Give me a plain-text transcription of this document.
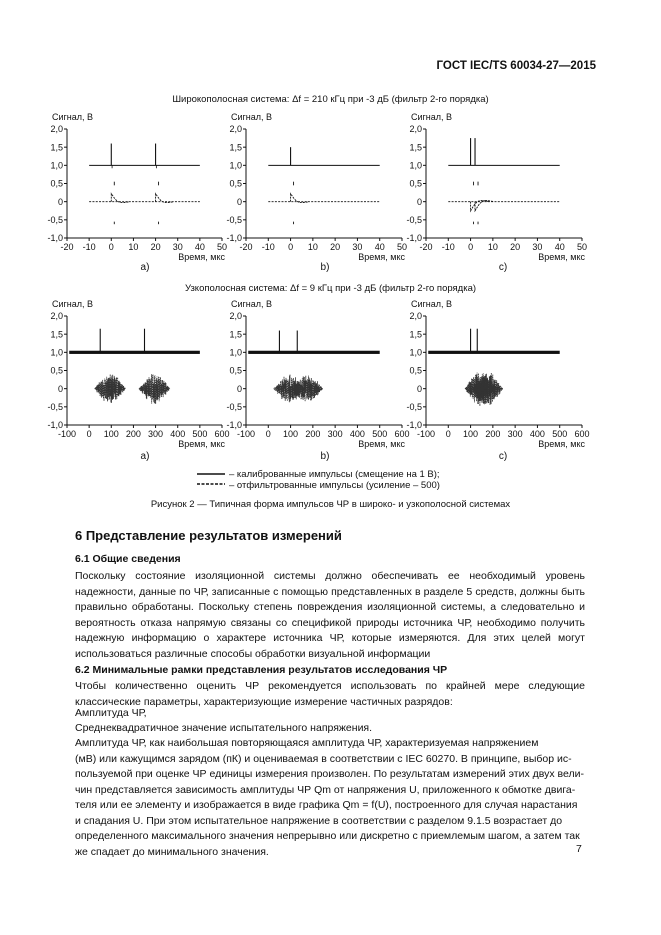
ГОСТ IEC/TS 60034-27—2015
Широкополосная система: Δf = 210 кГц при -3 дБ (фильтр 2-го порядка)
Узкополосная система: Δf = 9 кГц при -3 дБ (фильтр 2-го порядка)
2,0
1,5
1,0
0,5
0
-0,5
-1,0
-20 -10 0 10 20 30 40 50
Сигнал, В
Время, мкс
a)
2,0
1,5
1,0
0,5
0
-0,5
-1,0
-20 -10 0 10 20 30 40 50
Сигнал, В
Время, мкс
b)
2,0
1,5
1,0
0,5
0
-0,5
-1,0
-20 -10 0 10 20 30 40 50
Сигнал, В
Время, мкс
c)
2,0
1,5
1,0
0,5
0
-0,5
-1,0
-100 0 100 200 300 400 500 600
Сигнал, В
Время, мкс
a)
2,0
1,5
1,0
0,5
0
-0,5
-1,0
-100 0 100 200 300 400 500 600
Сигнал, В
Время, мкс
b)
2,0
1,5
1,0
0,5
0
-0,5
-1,0
-100 0 100 200 300 400 500 600
Сигнал, В
Время, мкс
c)
– калиброванные импульсы (смещение на 1 В);
– отфильтрованные импульсы (усиление – 500)
Рисунок 2 — Типичная форма импульсов ЧР в широко- и узкополосной системах
6 Представление результатов измерений
6.1 Общие сведения
Поскольку состояние изоляционной системы должно обеспечивать ее необходимый уровень надежности, данные по ЧР, записанные с помощью представленных в разделе 5 средств, должны быть правильно обработаны. Поскольку степень повреждения изоляционной системы, а следовательно и вероятность отказа напрямую связаны со спецификой природы источника ЧР, необходимо получить надежную информацию о характере источника ЧР, которые измеряются. Для этих целей могут использоваться различные способы обработки визуальной информации
6.2 Минимальные рамки представления результатов исследования ЧР
Чтобы количественно оценить ЧР рекомендуется использовать по крайней мере следующие классические параметры, характеризующие измерение частичных разрядов:
Амплитуда ЧР,
Среднеквадратичное значение испытательного напряжения.
Амплитуда ЧР, как наибольшая повторяющаяся амплитуда ЧР, характеризуемая напряжением
(мВ) или кажущимся зарядом (пК) и оцениваемая в соответствии с IEC 60270. В принципе, выбор ис-
пользуемой при оценке ЧР единицы измерения произволен. По результатам измерений этих двух вели-
чин представляется зависимость амплитуды ЧР Qm от напряжения U, приложенного к обмотке двига-
теля или ее элементу и изображается в виде графика Qm = f(U), построенного для случая нарастания
и спадания U. При этом испытательное напряжение в соответствии с разделом 9.1.5 возрастает до
определенного максимального значения непрерывно или дискретно с приемлемым шагом, а затем так
же спадает до минимального значения.	7
